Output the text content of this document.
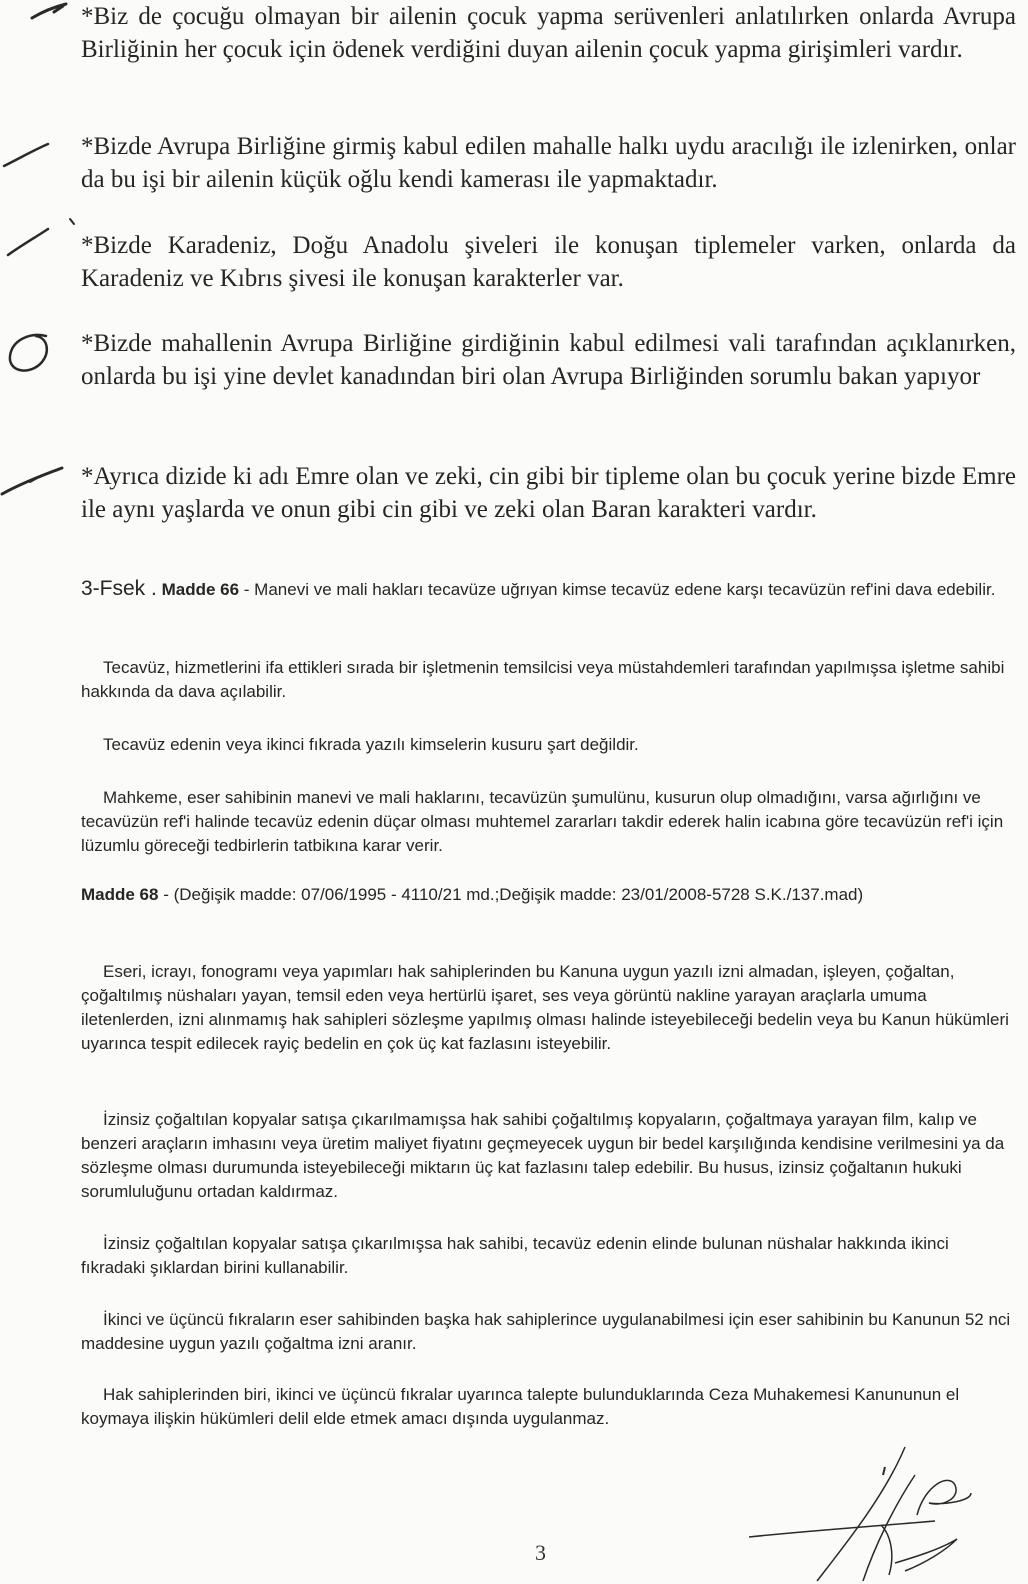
*Biz de çocuğu olmayan bir ailenin çocuk yapma serüvenleri anlatılırken onlarda Avrupa Birliğinin her çocuk için ödenek verdiğini duyan ailenin çocuk yapma girişimleri vardır.
*Bizde Avrupa Birliğine girmiş kabul edilen mahalle halkı uydu aracılığı ile izlenirken, onlar da bu işi bir ailenin küçük oğlu kendi kamerası ile yapmaktadır.
*Bizde Karadeniz, Doğu Anadolu şiveleri ile konuşan tiplemeler varken, onlarda da Karadeniz ve Kıbrıs şivesi ile konuşan karakterler var.
*Bizde mahallenin Avrupa Birliğine girdiğinin kabul edilmesi vali tarafından açıklanırken, onlarda bu işi yine devlet kanadından biri olan Avrupa Birliğinden sorumlu bakan yapıyor
*Ayrıca dizide ki adı Emre olan ve zeki, cin gibi bir tipleme olan bu çocuk yerine bizde Emre ile aynı yaşlarda ve onun gibi cin gibi ve zeki olan Baran karakteri vardır.
3-Fsek . Madde 66 - Manevi ve mali hakları tecavüze uğrıyan kimse tecavüz edene karşı tecavüzün ref'ini dava edebilir.
Tecavüz, hizmetlerini ifa ettikleri sırada bir işletmenin temsilcisi veya müstahdemleri tarafından yapılmışsa işletme sahibi hakkında da dava açılabilir.
Tecavüz edenin veya ikinci fıkrada yazılı kimselerin kusuru şart değildir.
Mahkeme, eser sahibinin manevi ve mali haklarını, tecavüzün şumulünu, kusurun olup olmadığını, varsa ağırlığını ve tecavüzün ref'i halinde tecavüz edenin düçar olması muhtemel zararları takdir ederek halin icabına göre tecavüzün ref'i için lüzumlu göreceği tedbirlerin tatbikına karar verir.
Madde 68 - (Değişik madde: 07/06/1995 - 4110/21 md.;Değişik madde: 23/01/2008-5728 S.K./137.mad)
Eseri, icrayı, fonogramı veya yapımları hak sahiplerinden bu Kanuna uygun yazılı izni almadan, işleyen, çoğaltan, çoğaltılmış nüshaları yayan, temsil eden veya hertürlü işaret, ses veya görüntü nakline yarayan araçlarla umuma iletenlerden, izni alınmamış hak sahipleri sözleşme yapılmış olması halinde isteyebileceği bedelin veya bu Kanun hükümleri uyarınca tespit edilecek rayiç bedelin en çok üç kat fazlasını isteyebilir.
İzinsiz çoğaltılan kopyalar satışa çıkarılmamışsa hak sahibi çoğaltılmış kopyaların, çoğaltmaya yarayan film, kalıp ve benzeri araçların imhasını veya üretim maliyet fiyatını geçmeyecek uygun bir bedel karşılığında kendisine verilmesini ya da sözleşme olması durumunda isteyebileceği miktarın üç kat fazlasını talep edebilir. Bu husus, izinsiz çoğaltanın hukuki sorumluluğunu ortadan kaldırmaz.
İzinsiz çoğaltılan kopyalar satışa çıkarılmışsa hak sahibi, tecavüz edenin elinde bulunan nüshalar hakkında ikinci fıkradaki şıklardan birini kullanabilir.
İkinci ve üçüncü fıkraların eser sahibinden başka hak sahiplerince uygulanabilmesi için eser sahibinin bu Kanunun 52 nci maddesine uygun yazılı çoğaltma izni aranır.
Hak sahiplerinden biri, ikinci ve üçüncü fıkralar uyarınca talepte bulunduklarında Ceza Muhakemesi Kanununun el koymaya ilişkin hükümleri delil elde etmek amacı dışında uygulanmaz.
3
